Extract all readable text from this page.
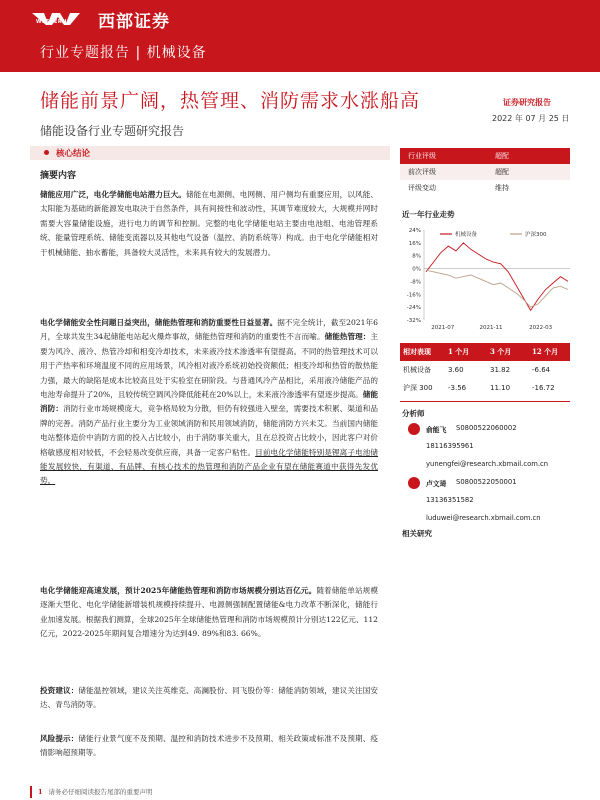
WESTERN 西部证券
行业专题报告 | 机械设备
储能前景广阔，热管理、消防需求水涨船高
储能设备行业专题研究报告
证券研究报告
2022 年 07 月 25 日
核心结论
摘要内容
储能应用广泛，电化学储能电站潜力巨大。储能在电源侧、电网侧、用户侧均有重要应用，以风能、太阳能为基础的新能源发电取决于自然条件，具有间接性和波动性，其调节难度较大，大规模并网时需要大容量储能设施，进行电力的调节和控制。完整的电化学储能电站主要由电池组、电池管理系统、能量管理系统、储能变流器以及其他电气设备（温控、消防系统等）构成。由于电化学储能相对于机械储能、抽水蓄能，具备较大灵活性，未来具有较大的发展潜力。
电化学储能安全性问题日益突出，储能热管理和消防重要性日益显著。据不完全统计，截至2021年6月，全球共发生34起储能电站起火爆炸事故，储能热管理和消防的重要性不言而喻。储能热管理：主要为风冷、液冷、热管冷却和相变冷却技术，未来液冷技术渗透率有望提高。不同的热管理技术可以用于产热率和环境温度不同的应用场景，风冷相对液冷系统初始投资额低；相变冷却和热管的散热能力强，最大的缺陷是成本比较高且处于实验室在研阶段。与普通风冷产品相比，采用液冷储能产品的电池寿命提升了20%，且较传统空调风冷降低能耗在20%以上，未来液冷渗透率有望逐步提高。储能消防：消防行业市场规模庞大，竞争格局较为分散，但仍有较强进入壁垒，需要技术积累、渠道和品牌的完善。消防产品行业主要分为工业领域消防和民用领域消防，储能消防方兴未艾。当前国内储能电站整体造价中消防方面的投入占比较小，由于消防事关重大，且在总投资占比较小，因此客户对价格敏感度相对较低，不会轻易改变供应商，具备一定客户粘性。目前电化学储能特别是锂离子电池储能发展较快，有渠道、有品牌、有核心技术的热管理和消防产品企业有望在储能赛道中获得先发优势。
电化学储能迎高速发展，预计2025年储能热管理和消防市场规模分别达百亿元。随着储能单站规模逐渐大型化、电化学储能新增装机规模持续提升、电源侧强制配置储能&电力改革不断深化，储能行业加速发展。根据我们测算，全球2025年全球储能热管理和消防市场规模预计分别达122亿元、112亿元，2022-2025年期间复合增速分为达到49. 89%和83. 66%。
投资建议：储能温控领域，建议关注英维克、高澜股份、同飞股份等：储能消防领域，建议关注国安达、青鸟消防等。
风险提示：储能行业景气度不及预期、温控和消防技术进步不及预期、相关政策或标准不及预期、疫情影响超预期等。
行业评级	超配
前次评级	超配
评级变动	维持
近一年行业走势
24%
16%
8%
0%
-8%
-16%
-24%
-32%
2021-07	2021-11	2022-03
机械设备	沪深300
相对表现	1 个月	3 个月	12 个月
机械设备	3.60	31.82	-6.64
沪深 300	-3.56	11.10	-16.72
分析师
俞能飞	S0800522060002
18116395961
yunengfei@research.xbmail.com.cn
卢文琦	S0800522050001
13136351582
luduwei@research.xbmail.com.cn
相关研究
1 请务必仔细阅读报告尾部的重要声明
